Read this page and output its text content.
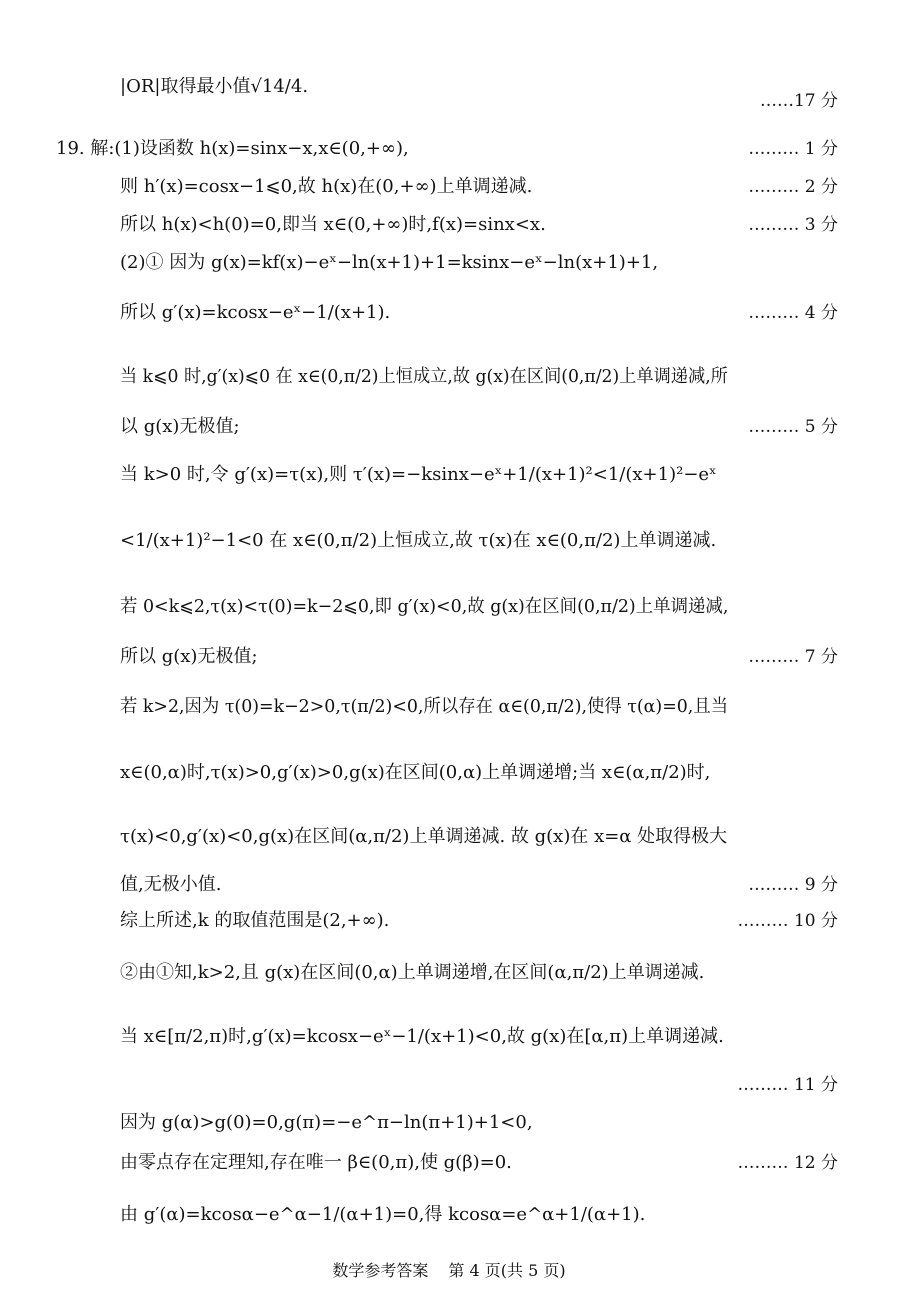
|OR|取得最小值√14/4.
……17 分
19. 解:(1)设函数 h(x)=sinx−x,x∈(0,+∞),	……… 1 分
则 h′(x)=cosx−1⩽0,故 h(x)在(0,+∞)上单调递减.	……… 2 分
所以 h(x)<h(0)=0,即当 x∈(0,+∞)时,f(x)=sinx<x.	……… 3 分
(2)① 因为 g(x)=kf(x)−eˣ−ln(x+1)+1=ksinx−eˣ−ln(x+1)+1,
所以 g′(x)=kcosx−eˣ−1/(x+1).	……… 4 分
当 k⩽0 时,g′(x)⩽0 在 x∈(0,π/2)上恒成立,故 g(x)在区间(0,π/2)上单调递减,所
以 g(x)无极值;	……… 5 分
当 k>0 时,令 g′(x)=τ(x),则 τ′(x)=−ksinx−eˣ+1/(x+1)²<1/(x+1)²−eˣ
<1/(x+1)²−1<0 在 x∈(0,π/2)上恒成立,故 τ(x)在 x∈(0,π/2)上单调递减.
若 0<k⩽2,τ(x)<τ(0)=k−2⩽0,即 g′(x)<0,故 g(x)在区间(0,π/2)上单调递减,
所以 g(x)无极值;	……… 7 分
若 k>2,因为 τ(0)=k−2>0,τ(π/2)<0,所以存在 α∈(0,π/2),使得 τ(α)=0,且当
x∈(0,α)时,τ(x)>0,g′(x)>0,g(x)在区间(0,α)上单调递增;当 x∈(α,π/2)时,
τ(x)<0,g′(x)<0,g(x)在区间(α,π/2)上单调递减. 故 g(x)在 x=α 处取得极大
值,无极小值.	……… 9 分
综上所述,k 的取值范围是(2,+∞).	……… 10 分
②由①知,k>2,且 g(x)在区间(0,α)上单调递增,在区间(α,π/2)上单调递减.
当 x∈[π/2,π)时,g′(x)=kcosx−eˣ−1/(x+1)<0,故 g(x)在[α,π)上单调递减.
……… 11 分
因为 g(α)>g(0)=0,g(π)=−e^π−ln(π+1)+1<0,
由零点存在定理知,存在唯一 β∈(0,π),使 g(β)=0.	……… 12 分
由 g′(α)=kcosα−e^α−1/(α+1)=0,得 kcosα=e^α+1/(α+1).
数学参考答案 第 4 页(共 5 页)
